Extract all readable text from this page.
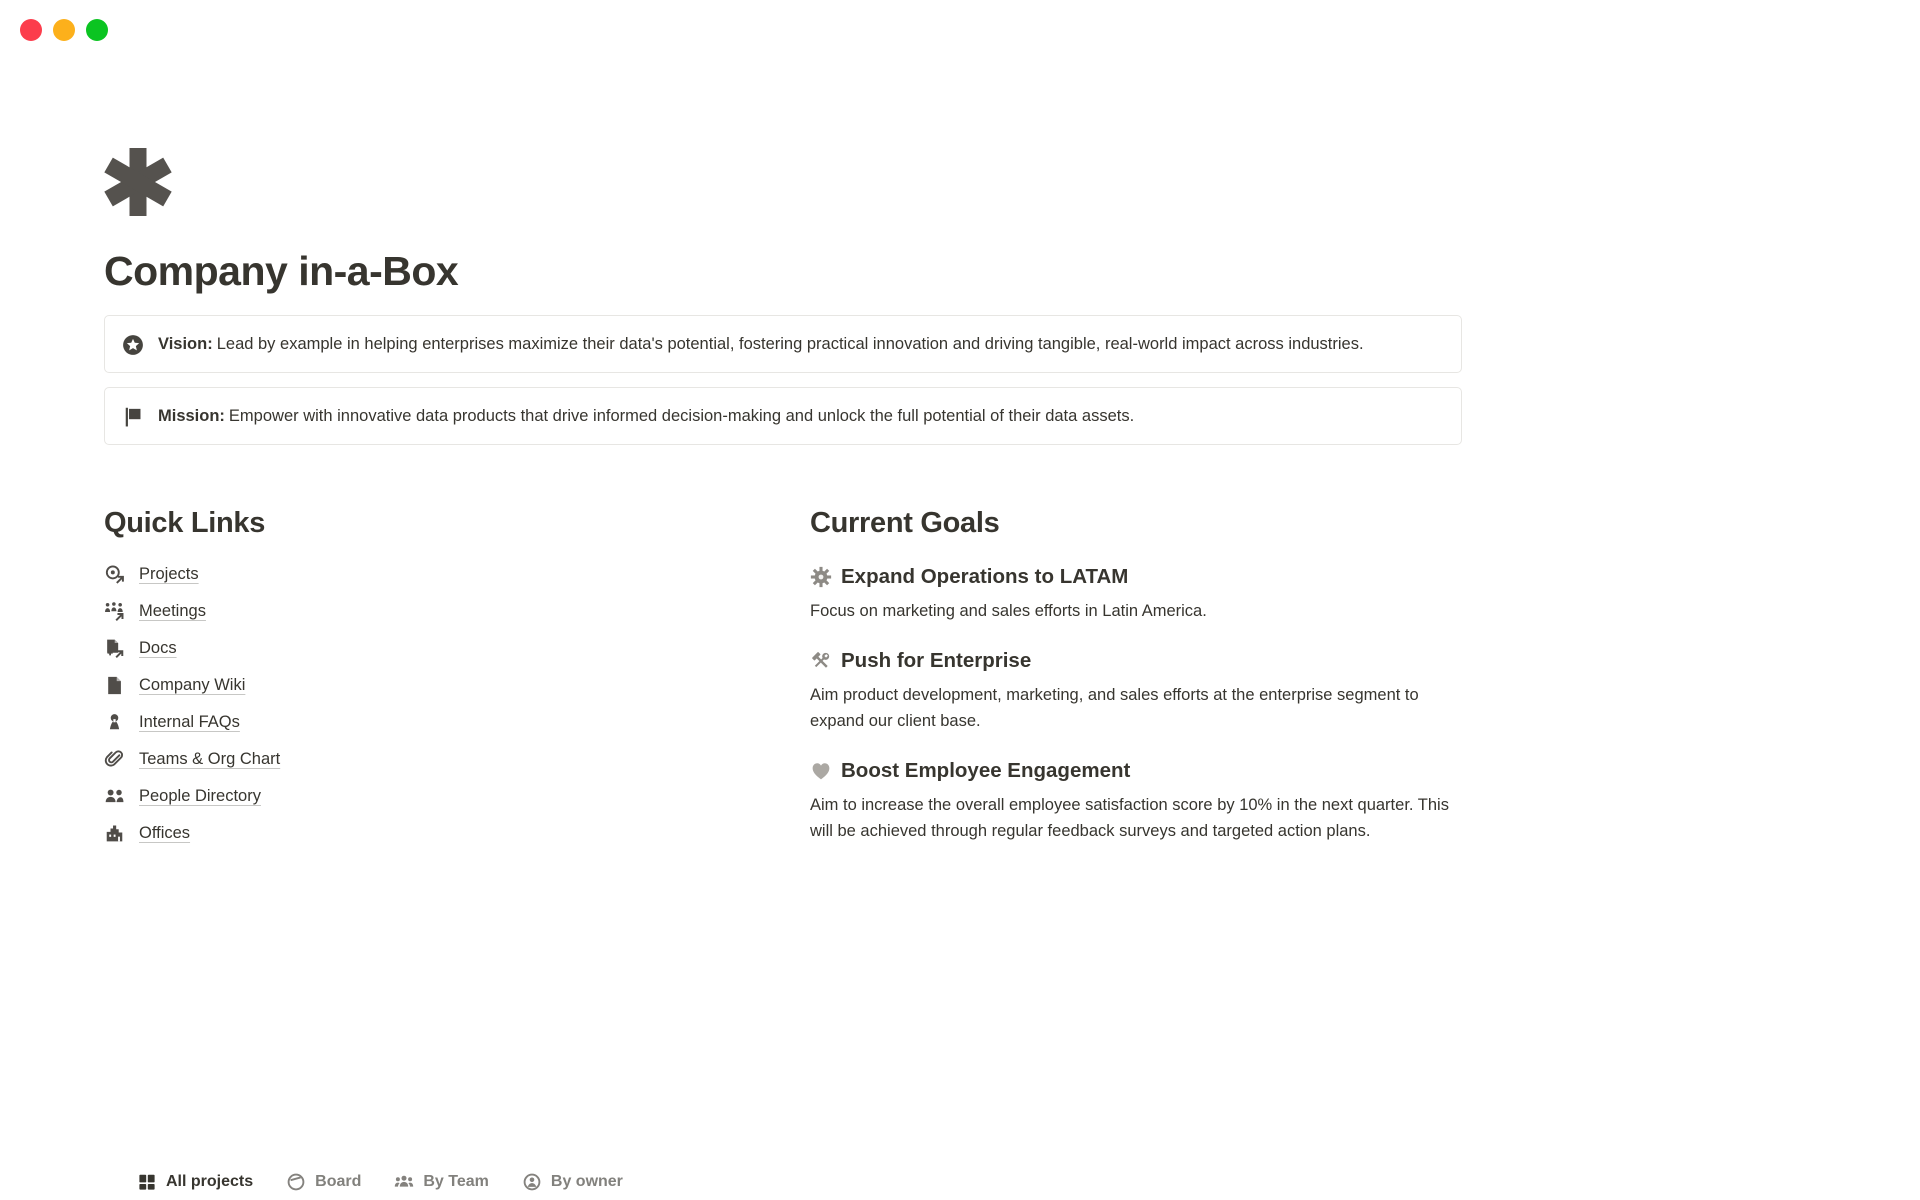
Company in-a-Box

Vision: Lead by example in helping enterprises maximize their data's potential, fostering practical innovation and driving tangible, real-world impact across industries.

Mission: Empower with innovative data products that drive informed decision-making and unlock the full potential of their data assets.

Quick Links
Projects
Meetings
Docs
Company Wiki
Internal FAQs
Teams & Org Chart
People Directory
Offices
Current Goals
Expand Operations to LATAM

Focus on marketing and sales efforts in Latin America.

Push for Enterprise

Aim product development, marketing, and sales efforts at the enterprise segment to expand our client base.

Boost Employee Engagement

Aim to increase the overall employee satisfaction score by 10% in the next quarter. This will be achieved through regular feedback surveys and targeted action plans.

All projects	Board	By Team	By owner
